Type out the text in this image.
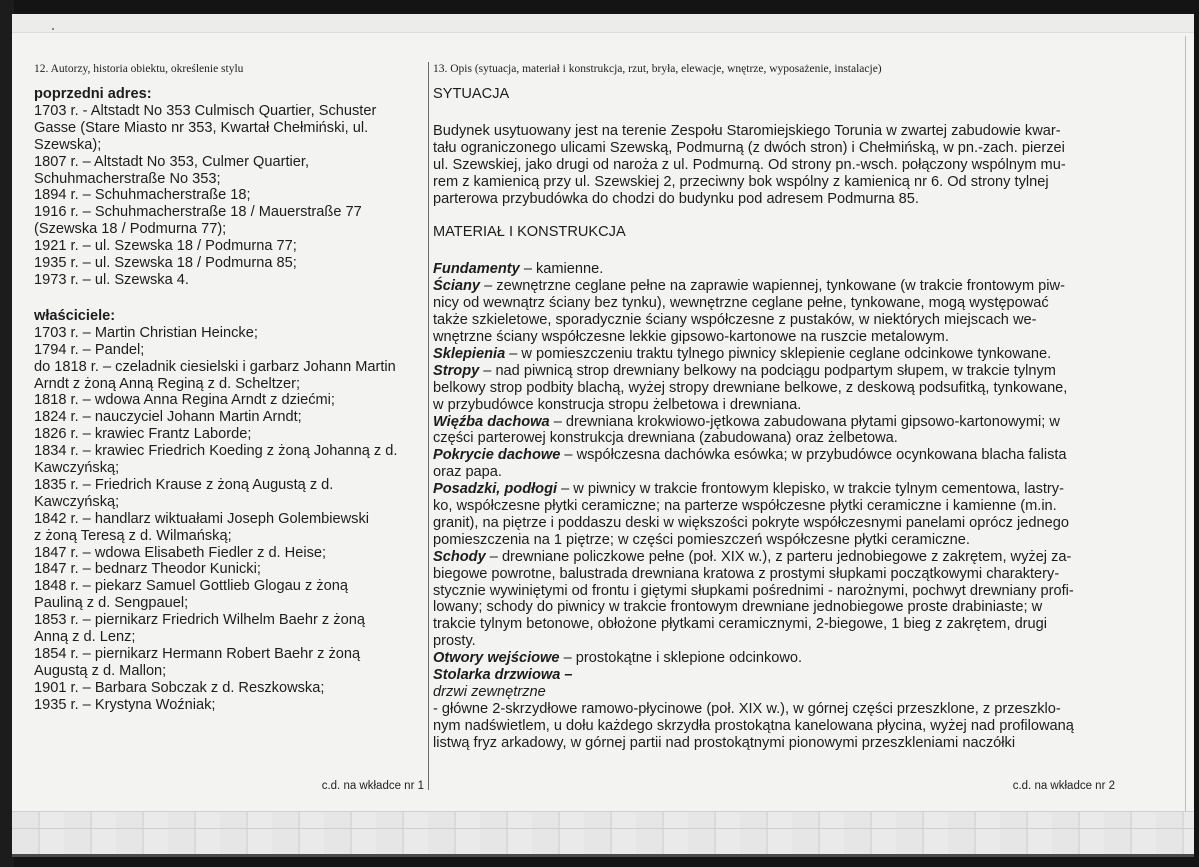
12. Autorzy, historia obiektu, określenie stylu
poprzedni adres:
1703 r. - Altstadt No 353 Culmisch Quartier, Schuster
Gasse (Stare Miasto nr 353, Kwartał Chełmiński, ul.
Szewska);
1807 r. – Altstadt No 353, Culmer Quartier,
Schuhmacherstraße No 353;
1894 r. – Schuhmacherstraße 18;
1916 r. – Schuhmacherstraße 18 / Mauerstraße 77
(Szewska 18 / Podmurna 77);
1921 r. – ul. Szewska 18 / Podmurna 77;
1935 r. – ul. Szewska 18 / Podmurna 85;
1973 r. – ul. Szewska 4.
właściciele:
1703 r. – Martin Christian Heincke;
1794 r. – Pandel;
do 1818 r. – czeladnik ciesielski i garbarz Johann Martin
Arndt z żoną Anną Reginą z d. Scheltzer;
1818 r. – wdowa Anna Regina Arndt z dziećmi;
1824 r. – nauczyciel Johann Martin Arndt;
1826 r. – krawiec Frantz Laborde;
1834 r. – krawiec Friedrich Koeding z żoną Johanną z d.
Kawczyńską;
1835 r. – Friedrich Krause z żoną Augustą z d.
Kawczyńską;
1842 r. – handlarz wiktuałami Joseph Golembiewski
z żoną Teresą z d. Wilmańską;
1847 r. – wdowa Elisabeth Fiedler z d. Heise;
1847 r. – bednarz Theodor Kunicki;
1848 r. – piekarz Samuel Gottlieb Glogau z żoną
Pauliną z d. Sengpauel;
1853 r. – piernikarz Friedrich Wilhelm Baehr z żoną
Anną z d. Lenz;
1854 r. – piernikarz Hermann Robert Baehr z żoną
Augustą z d. Mallon;
1901 r. – Barbara Sobczak z d. Reszkowska;
1935 r. – Krystyna Woźniak;
c.d. na wkładce nr 1
13. Opis (sytuacja, materiał i konstrukcja, rzut, bryła, elewacje, wnętrze, wyposażenie, instalacje)
SYTUACJA
Budynek usytuowany jest na terenie Zespołu Staromiejskiego Torunia w zwartej zabudowie kwar-
tału ograniczonego ulicami Szewską, Podmurną (z dwóch stron) i Chełmińską, w pn.-zach. pierzei
ul. Szewskiej, jako drugi od naroża z ul. Podmurną. Od strony pn.-wsch. połączony wspólnym mu-
rem z kamienicą przy ul. Szewskiej 2, przeciwny bok wspólny z kamienicą nr 6. Od strony tylnej
parterowa przybudówka do chodzi do budynku pod adresem Podmurna 85.
MATERIAŁ I KONSTRUKCJA
Fundamenty – kamienne.
Ściany – zewnętrzne ceglane pełne na zaprawie wapiennej, tynkowane (w trakcie frontowym piw-
nicy od wewnątrz ściany bez tynku), wewnętrzne ceglane pełne, tynkowane, mogą występować
także szkieletowe, sporadycznie ściany współczesne z pustaków, w niektórych miejscach we-
wnętrzne ściany współczesne lekkie gipsowo-kartonowe na ruszcie metalowym.
Sklepienia – w pomieszczeniu traktu tylnego piwnicy sklepienie ceglane odcinkowe tynkowane.
Stropy – nad piwnicą strop drewniany belkowy na podciągu podpartym słupem, w trakcie tylnym
belkowy strop podbity blachą, wyżej stropy drewniane belkowe, z deskową podsufitką, tynkowane,
w przybudówce konstrucja stropu żelbetowa i drewniana.
Więźba dachowa – drewniana krokwiowo-jętkowa zabudowana płytami gipsowo-kartonowymi; w
części parterowej konstrukcja drewniana (zabudowana) oraz żelbetowa.
Pokrycie dachowe – współczesna dachówka esówka; w przybudówce ocynkowana blacha falista
oraz papa.
Posadzki, podłogi – w piwnicy w trakcie frontowym klepisko, w trakcie tylnym cementowa, lastry-
ko, współczesne płytki ceramiczne; na parterze współczesne płytki ceramiczne i kamienne (m.in.
granit), na piętrze i poddaszu deski w większości pokryte współczesnymi panelami oprócz jednego
pomieszczenia na 1 piętrze; w części pomieszczeń współczesne płytki ceramiczne.
Schody – drewniane policzkowe pełne (poł. XIX w.), z parteru jednobiegowe z zakrętem, wyżej za-
biegowe powrotne, balustrada drewniana kratowa z prostymi słupkami początkowymi charaktery-
stycznie wywiniętymi od frontu i giętymi słupkami pośrednimi - narożnymi, pochwyt drewniany profi-
lowany; schody do piwnicy w trakcie frontowym drewniane jednobiegowe proste drabiniaste; w
trakcie tylnym betonowe, obłożone płytkami ceramicznymi, 2-biegowe, 1 bieg z zakrętem, drugi
prosty.
Otwory wejściowe – prostokątne i sklepione odcinkowo.
Stolarka drzwiowa –
drzwi zewnętrzne
- główne 2-skrzydłowe ramowo-płycinowe (poł. XIX w.), w górnej części przeszklone, z przeszklo-
nym nadświetlem, u dołu każdego skrzydła prostokątna kanelowana płycina, wyżej nad profilowaną
listwą fryz arkadowy, w górnej partii nad prostokątnymi pionowymi przeszkleniami naczółki
c.d. na wkładce nr 2
